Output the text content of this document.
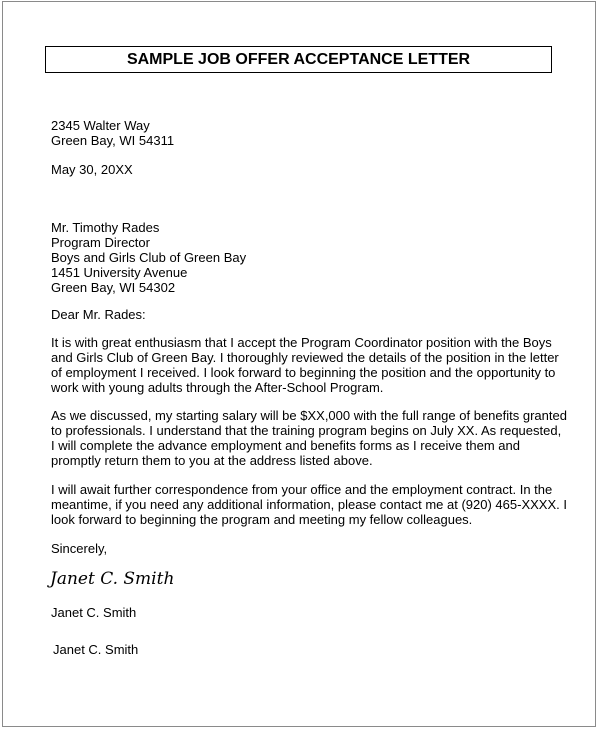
SAMPLE JOB OFFER ACCEPTANCE LETTER
2345 Walter Way
Green Bay, WI 54311
May 30, 20XX
Mr. Timothy Rades
Program Director
Boys and Girls Club of Green Bay
1451 University Avenue
Green Bay, WI 54302
Dear Mr. Rades:
It is with great enthusiasm that I accept the Program Coordinator position with the Boys
and Girls Club of Green Bay. I thoroughly reviewed the details of the position in the letter
of employment I received. I look forward to beginning the position and the opportunity to
work with young adults through the After-School Program.
As we discussed, my starting salary will be $XX,000 with the full range of benefits granted
to professionals. I understand that the training program begins on July XX. As requested,
I will complete the advance employment and benefits forms as I receive them and
promptly return them to you at the address listed above.
I will await further correspondence from your office and the employment contract. In the
meantime, if you need any additional information, please contact me at (920) 465-XXXX. I
look forward to beginning the program and meeting my fellow colleagues.
Sincerely,
Janet C. Smith
Janet C. Smith
Janet C. Smith
